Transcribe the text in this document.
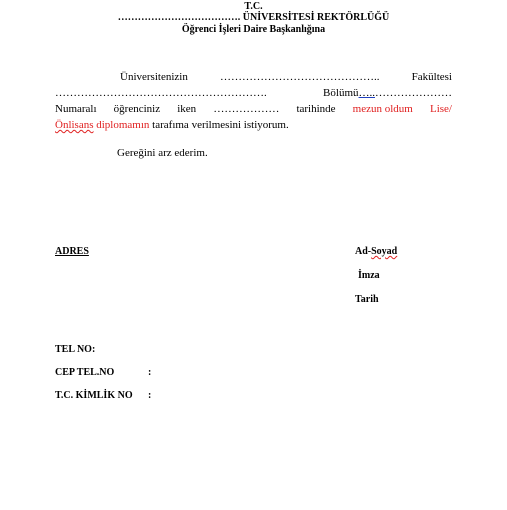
T.C.
………………………………. ÜNİVERSİTESİ REKTÖRLÜĞÜ
Öğrenci İşleri Daire Başkanlığına
Üniversitenizin	……………………………………..	Fakültesi
………………………………………………….	Bölümü…..…………………
Numaralı öğrenciniz iken ……………… tarihinde mezun oldum Lise/
Önlisans diplomamın tarafıma verilmesini istiyorum.
Gereğini arz ederim.
ADRES	Ad-Soyad
İmza
Tarih
TEL NO:
CEP TEL.NO	:
T.C. KİMLİK NO :
